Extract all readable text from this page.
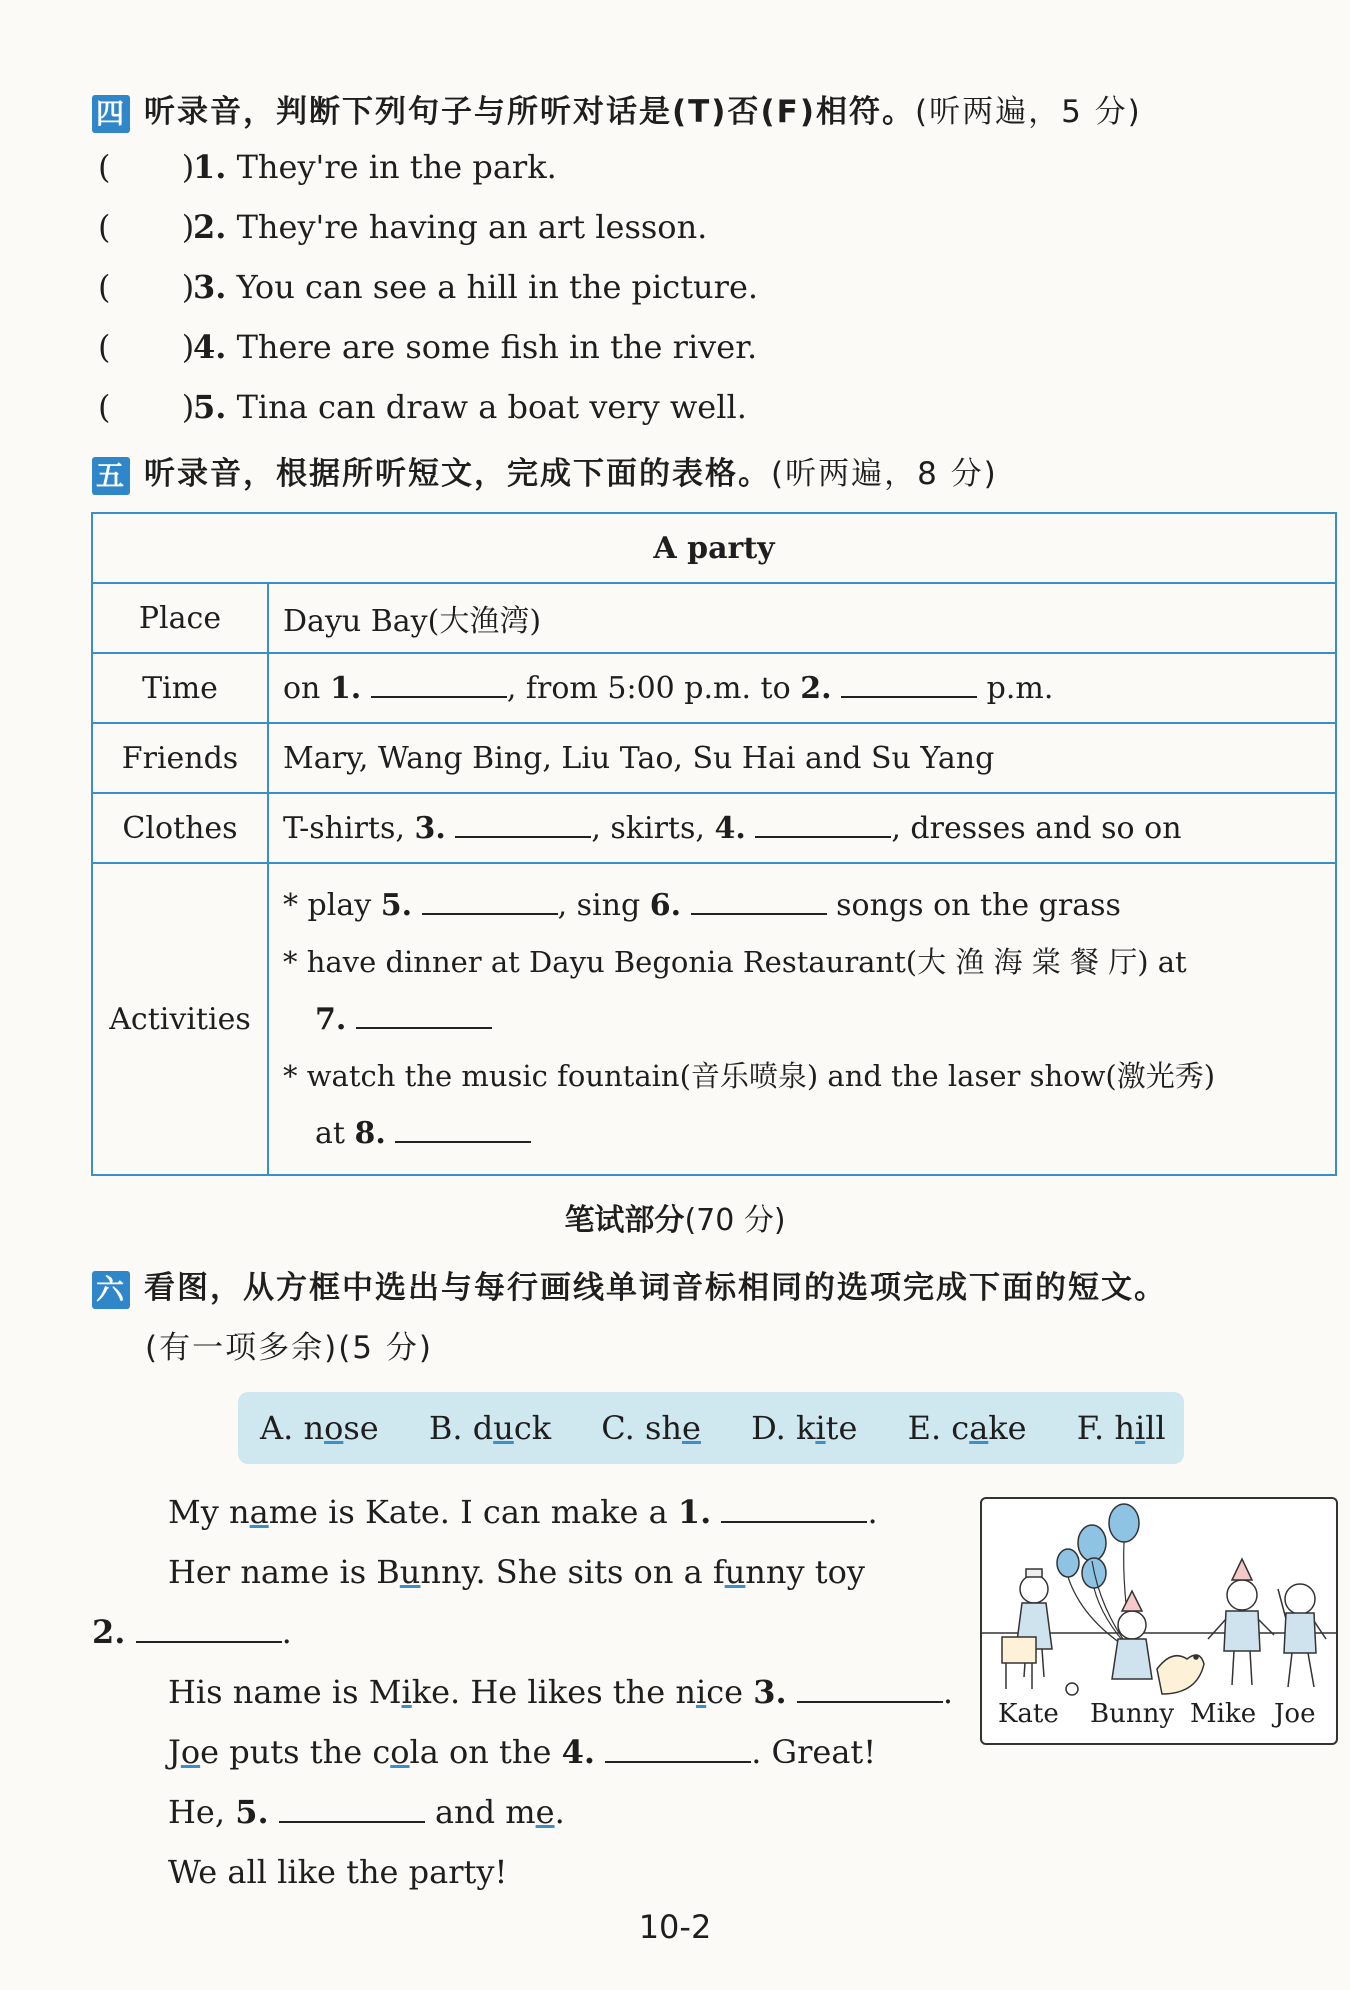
四 听录音，判断下列句子与所听对话是(T)否(F)相符。(听两遍，5 分)
(       )1. They're in the park.
(       )2. They're having an art lesson.
(       )3. You can see a hill in the picture.
(       )4. There are some fish in the river.
(       )5. Tina can draw a boat very well.
五 听录音，根据所听短文，完成下面的表格。(听两遍，8 分)
A party	
Place	Dayu Bay(大渔湾)
Time	on 1. , from 5:00 p.m. to 2. p.m.
Friends	Mary, Wang Bing, Liu Tao, Su Hai and Su Yang
Clothes	T-shirts, 3. , skirts, 4. , dresses and so on
Activities	* play 5. , sing 6. songs on the grass
* have dinner at Dayu Begonia Restaurant(大 渔 海 棠 餐 厅) at
7.
* watch the music fountain(音乐喷泉) and the laser show(激光秀)
at 8.
笔试部分(70 分)
六 看图，从方框中选出与每行画线单词音标相同的选项完成下面的短文。
(有一项多余)(5 分)
A. nose B. duck C. she D. kite E. cake F. hill
My name is Kate. I can make a 1.	.
Her name is Bunny. She sits on a funny toy
2.	.
His name is Mike. He likes the nice 3.	.
Joe puts the cola on the 4.	. Great!
He, 5.	and me.
We all like the party!
Kate Bunny Mike Joe
10-2
